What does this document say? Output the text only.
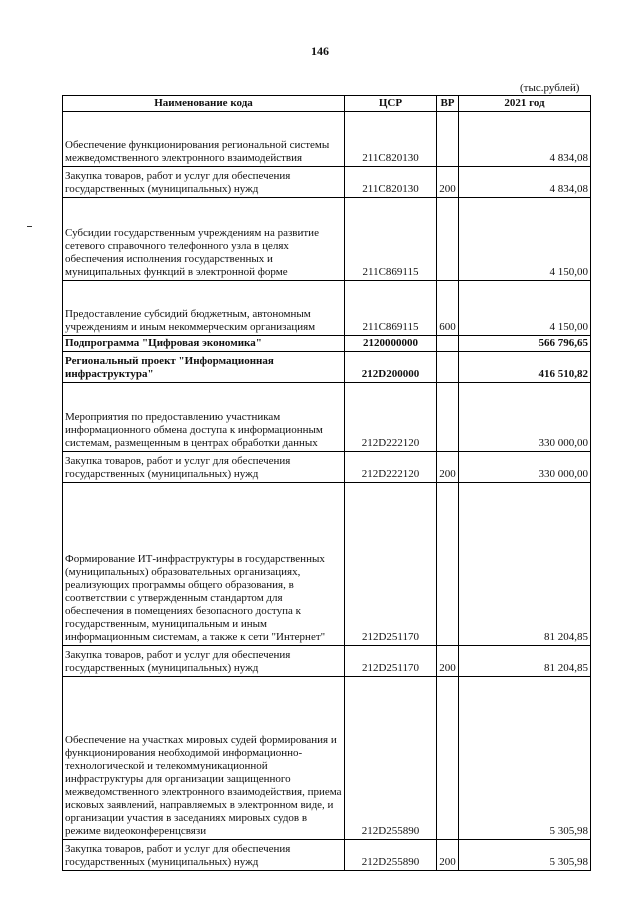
146
(тыс.рублей)
Наименование кода	ЦСР	ВР	2021 год
Обеспечение функционирования региональной системы межведомственного электронного взаимодействия	211С820130		4 834,08
Закупка товаров, работ и услуг для обеспечения государственных (муниципальных) нужд	211С820130	200	4 834,08
Субсидии государственным учреждениям на развитие сетевого справочного телефонного узла в целях обеспечения исполнения государственных и муниципальных функций в электронной форме	211С869115		4 150,00
Предоставление субсидий бюджетным, автономным учреждениям и иным некоммерческим организациям	211С869115	600	4 150,00
Подпрограмма "Цифровая экономика"	2120000000		566 796,65
Региональный проект "Информационная инфраструктура"	212D200000		416 510,82
Мероприятия по предоставлению участникам информационного обмена доступа к информационным системам, размещенным в центрах обработки данных	212D222120		330 000,00
Закупка товаров, работ и услуг для обеспечения государственных (муниципальных) нужд	212D222120	200	330 000,00
Формирование ИТ-инфраструктуры в государственных (муниципальных) образовательных организациях, реализующих программы общего образования, в соответствии с утвержденным стандартом для обеспечения в помещениях безопасного доступа к государственным, муниципальным и иным информационным системам, а также к сети "Интернет"	212D251170		81 204,85
Закупка товаров, работ и услуг для обеспечения государственных (муниципальных) нужд	212D251170	200	81 204,85
Обеспечение на участках мировых судей формирования и функционирования необходимой информационно-технологической и телекоммуникационной инфраструктуры для организации защищенного межведомственного электронного взаимодействия, приема исковых заявлений, направляемых в электронном виде, и организации участия в заседаниях мировых судов в режиме видеоконференцсвязи	212D255890		5 305,98
Закупка товаров, работ и услуг для обеспечения государственных (муниципальных) нужд	212D255890	200	5 305,98
